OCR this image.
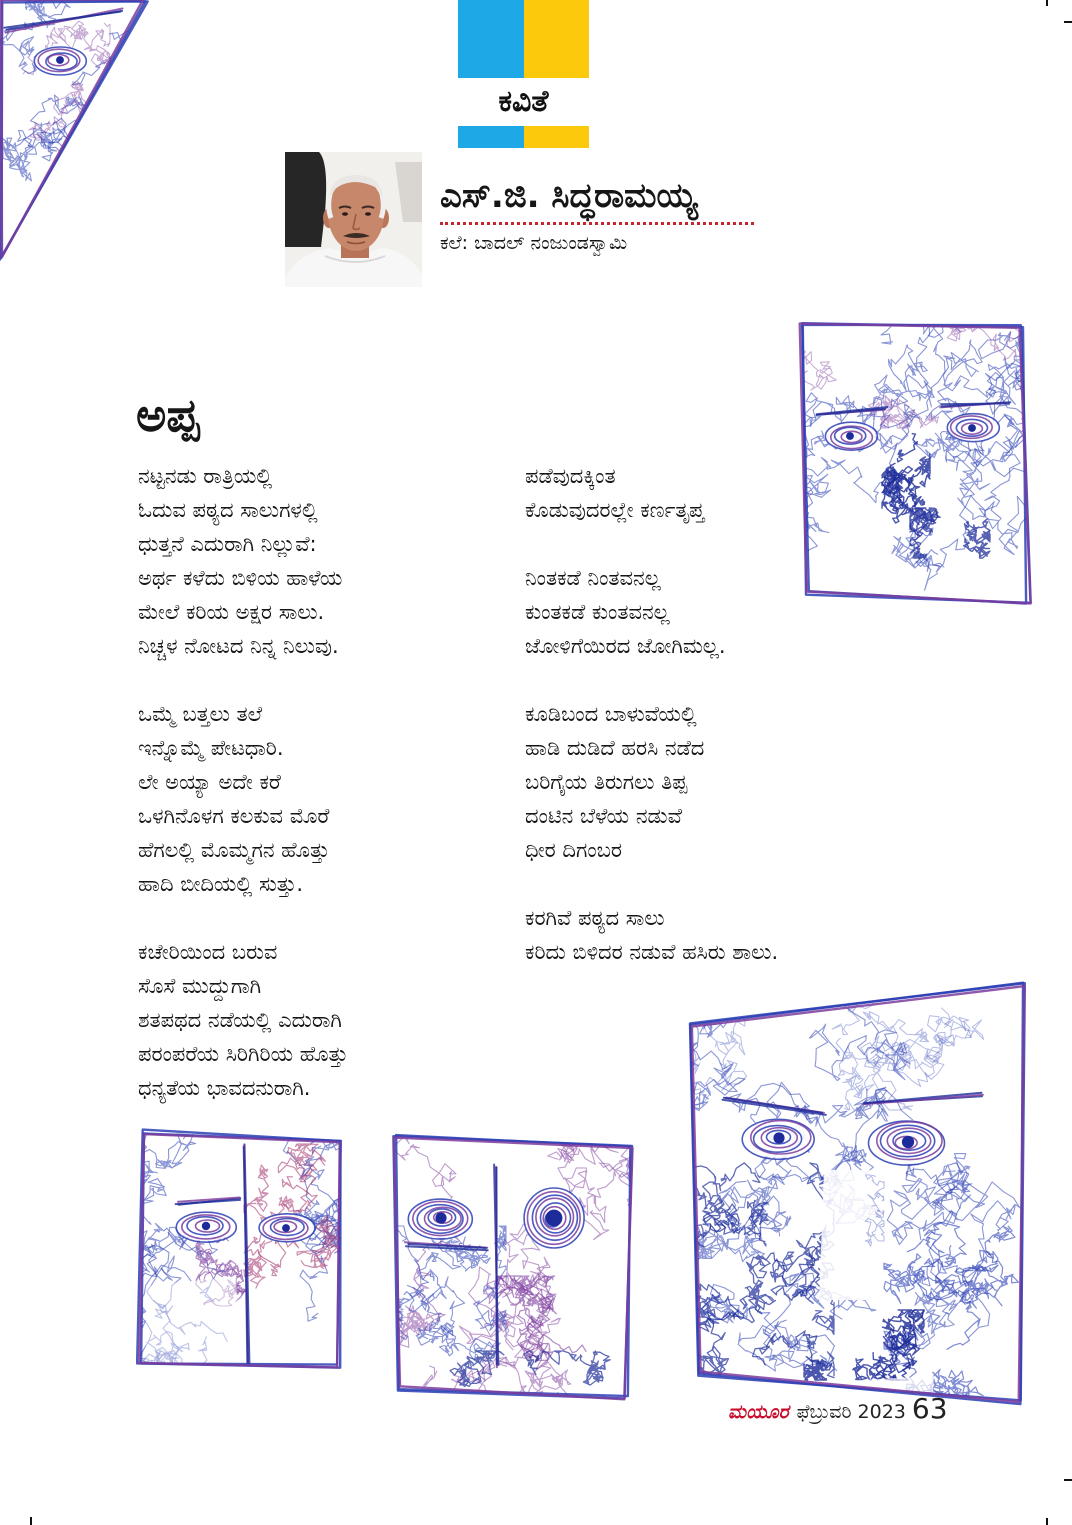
ಕವಿತೆ
ಎಸ್.ಜಿ. ಸಿದ್ಧರಾಮಯ್ಯ
ಕಲೆ: ಬಾದಲ್ ನಂಜುಂಡಸ್ವಾಮಿ
ಅಪ್ಪ
ನಟ್ಟನಡು ರಾತ್ರಿಯಲ್ಲಿ
ಓದುವ ಪಠ್ಯದ ಸಾಲುಗಳಲ್ಲಿ
ಧುತ್ತನೆ ಎದುರಾಗಿ ನಿಲ್ಲುವೆ:
ಅರ್ಥ ಕಳೆದು ಬಿಳಿಯ ಹಾಳೆಯ
ಮೇಲೆ ಕರಿಯ ಅಕ್ಷರ ಸಾಲು.
ನಿಚ್ಚಳ ನೋಟದ ನಿನ್ನ ನಿಲುವು.
ಒಮ್ಮೆ ಬತ್ತಲು ತಲೆ
ಇನ್ನೊಮ್ಮೆ ಪೇಟಧಾರಿ.
ಲೇ ಅಯ್ಯಾ ಅದೇ ಕರೆ
ಒಳಗಿನೊಳಗ ಕಲಕುವ ಮೊರೆ
ಹೆಗಲಲ್ಲಿ ಮೊಮ್ಮಗನ ಹೊತ್ತು
ಹಾದಿ ಬೀದಿಯಲ್ಲಿ ಸುತ್ತು.
ಕಚೇರಿಯಿಂದ ಬರುವ
ಸೊಸೆ ಮುದ್ದುಗಾಗಿ
ಶತಪಥದ ನಡೆಯಲ್ಲಿ ಎದುರಾಗಿ
ಪರಂಪರೆಯ ಸಿರಿಗಿರಿಯ ಹೊತ್ತು
ಧನ್ಯತೆಯ ಭಾವದನುರಾಗಿ.
ಪಡೆವುದಕ್ಕಿಂತ
ಕೊಡುವುದರಲ್ಲೇ ಕರ್ಣತೃಪ್ತ
ನಿಂತಕಡೆ ನಿಂತವನಲ್ಲ
ಕುಂತಕಡೆ ಕುಂತವನಲ್ಲ
ಜೋಳಿಗೆಯಿರದ ಜೋಗಿಮಲ್ಲ.
ಕೂಡಿಬಂದ ಬಾಳುವೆಯಲ್ಲಿ
ಹಾಡಿ ದುಡಿದೆ ಹರಸಿ ನಡೆದ
ಬರಿಗೈಯ ತಿರುಗಲು ತಿಪ್ಪ
ದಂಟಿನ ಬೆಳೆಯ ನಡುವೆ
ಧೀರ ದಿಗಂಬರ
ಕರಗಿವೆ ಪಠ್ಯದ ಸಾಲು
ಕರಿದು ಬಿಳಿದರ ನಡುವೆ ಹಸಿರು ಶಾಲು.
ಮಯೂರ ಫೆಬ್ರುವರಿ 2023 63
